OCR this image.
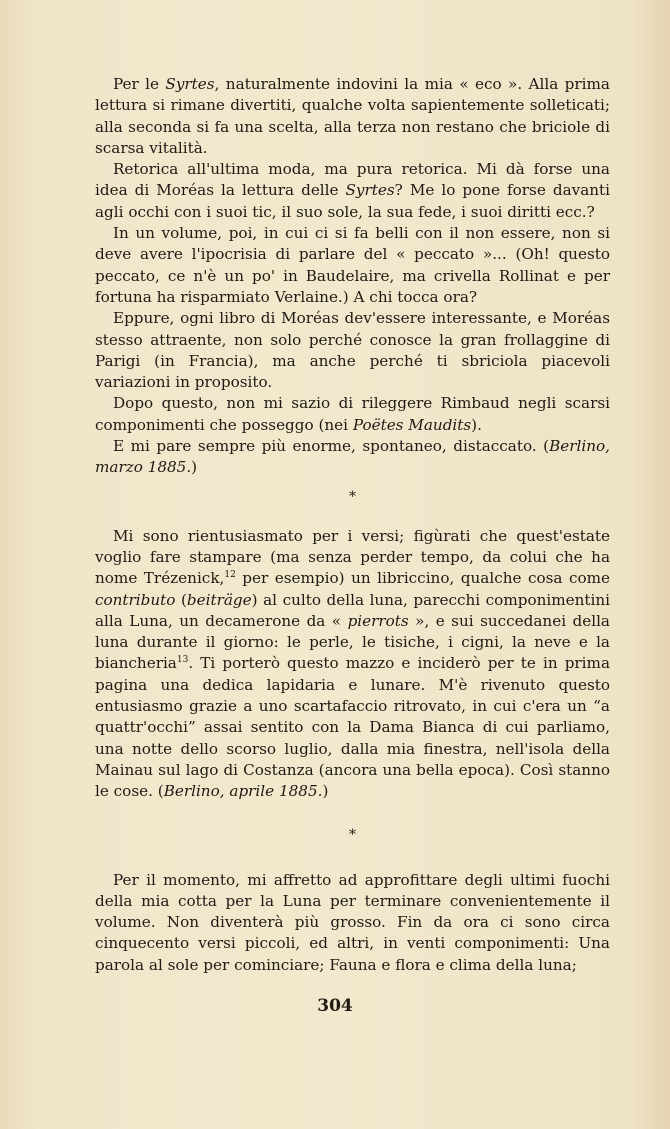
Per le Syrtes, naturalmente indovini la mia « eco ». Alla prima lettura si rimane divertiti, qualche volta sapientemente solleticati; alla seconda si fa una scelta, alla terza non restano che briciole di scarsa vitalità.

Retorica all'ultima moda, ma pura retorica. Mi dà forse una idea di Moréas la lettura delle Syrtes? Me lo pone forse davanti agli occhi con i suoi tic, il suo sole, la sua fede, i suoi diritti ecc.?

In un volume, poi, in cui ci si fa belli con il non essere, non si deve avere l'ipocrisia di parlare del « peccato »... (Oh! questo peccato, ce n'è un po' in Baudelaire, ma crivella Rollinat e per fortuna ha risparmiato Verlaine.) A chi tocca ora?

Eppure, ogni libro di Moréas dev'essere interessante, e Moréas stesso attraente, non solo perché conosce la gran frollaggine di Parigi (in Francia), ma anche perché ti sbriciola piacevoli variazioni in proposito.

Dopo questo, non mi sazio di rileggere Rimbaud negli scarsi componimenti che posseggo (nei Poëtes Maudits).

E mi pare sempre più enorme, spontaneo, distaccato. (Berlino, marzo 1885.)

*

Mi sono rientusiasmato per i versi; figùrati che quest'estate voglio fare stampare (ma senza perder tempo, da colui che ha nome Trézenick,$^{12}$ per esempio) un libriccino, qualche cosa come contributo (beiträge) al culto della luna, parecchi componimentini alla Luna, un decamerone da « pierrots », e sui succedanei della luna durante il giorno: le perle, le tisiche, i cigni, la neve e la biancheria$^{13}$. Ti porterò questo mazzo e inciderò per te in prima pagina una dedica lapidaria e lunare. M'è rivenuto questo entusiasmo grazie a uno scartafaccio ritrovato, in cui c'era un “a quattr'occhi” assai sentito con la Dama Bianca di cui parliamo, una notte dello scorso luglio, dalla mia finestra, nell'isola della Mainau sul lago di Costanza (ancora una bella epoca). Così stanno le cose. (Berlino, aprile 1885.)

*

Per il momento, mi affretto ad approfittare degli ultimi fuochi della mia cotta per la Luna per terminare convenientemente il volume. Non diventerà più grosso. Fin da ora ci sono circa cinquecento versi piccoli, ed altri, in venti componimenti: Una parola al sole per cominciare; Fauna e flora e clima della luna;

304
